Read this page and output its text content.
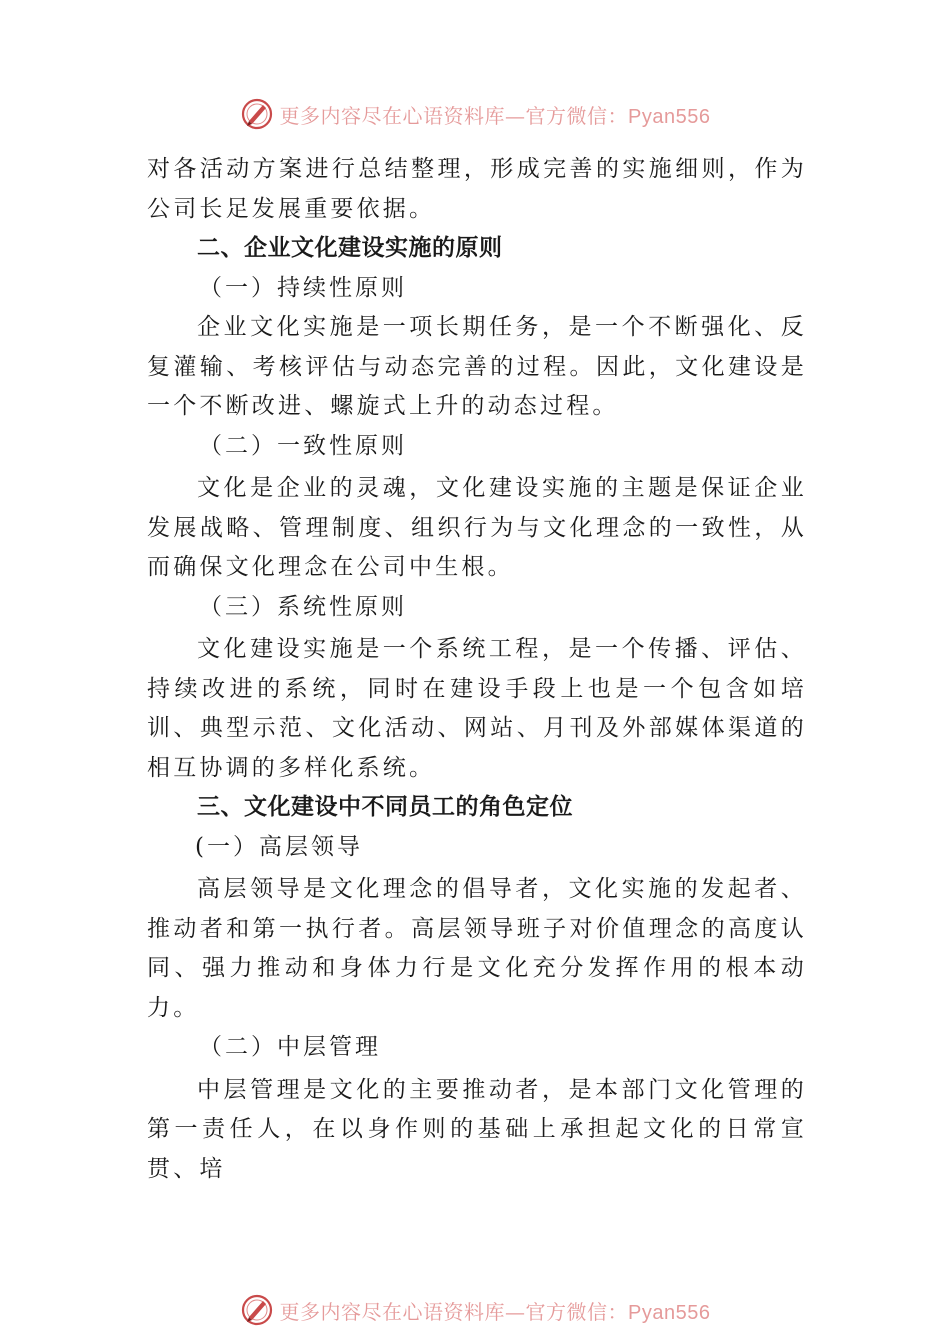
更多内容尽在心语资料库—官方微信：Pyan556

对各活动方案进行总结整理，形成完善的实施细则，作为公司长足发展重要依据。

二、企业文化建设实施的原则

（一）持续性原则

企业文化实施是一项长期任务，是一个不断强化、反复灌输、考核评估与动态完善的过程。因此，文化建设是一个不断改进、螺旋式上升的动态过程。

（二）一致性原则

文化是企业的灵魂，文化建设实施的主题是保证企业发展战略、管理制度、组织行为与文化理念的一致性，从而确保文化理念在公司中生根。

（三）系统性原则

文化建设实施是一个系统工程，是一个传播、评估、持续改进的系统，同时在建设手段上也是一个包含如培训、典型示范、文化活动、网站、月刊及外部媒体渠道的相互协调的多样化系统。

三、文化建设中不同员工的角色定位

(一）高层领导

高层领导是文化理念的倡导者，文化实施的发起者、推动者和第一执行者。高层领导班子对价值理念的高度认同、强力推动和身体力行是文化充分发挥作用的根本动力。

（二）中层管理

中层管理是文化的主要推动者，是本部门文化管理的第一责任人，在以身作则的基础上承担起文化的日常宣贯、培

更多内容尽在心语资料库—官方微信：Pyan556
